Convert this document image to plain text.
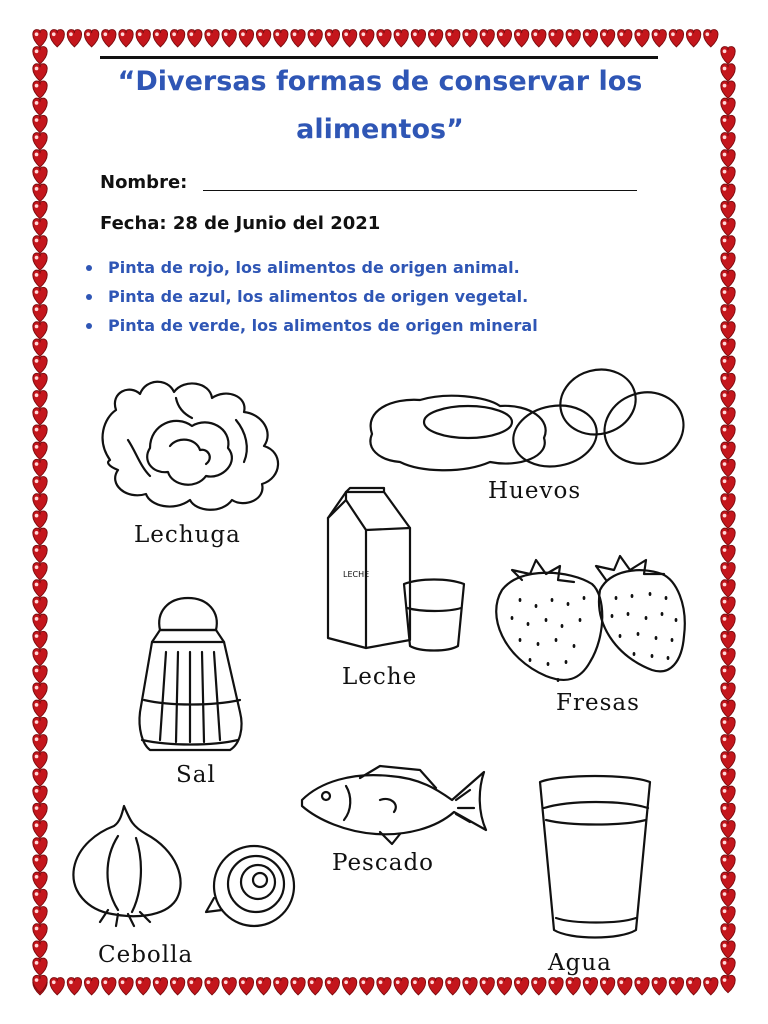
“Diversas formas de conservar los
alimentos”
Nombre:
Fecha: 28 de Junio del 2021
Pinta de rojo, los alimentos de origen animal.
Pinta de azul, los alimentos de origen vegetal.
Pinta de verde, los alimentos de origen mineral
LECHE
Lechuga
Huevos
Leche
Fresas
Sal
Pescado
Cebolla	Agua
